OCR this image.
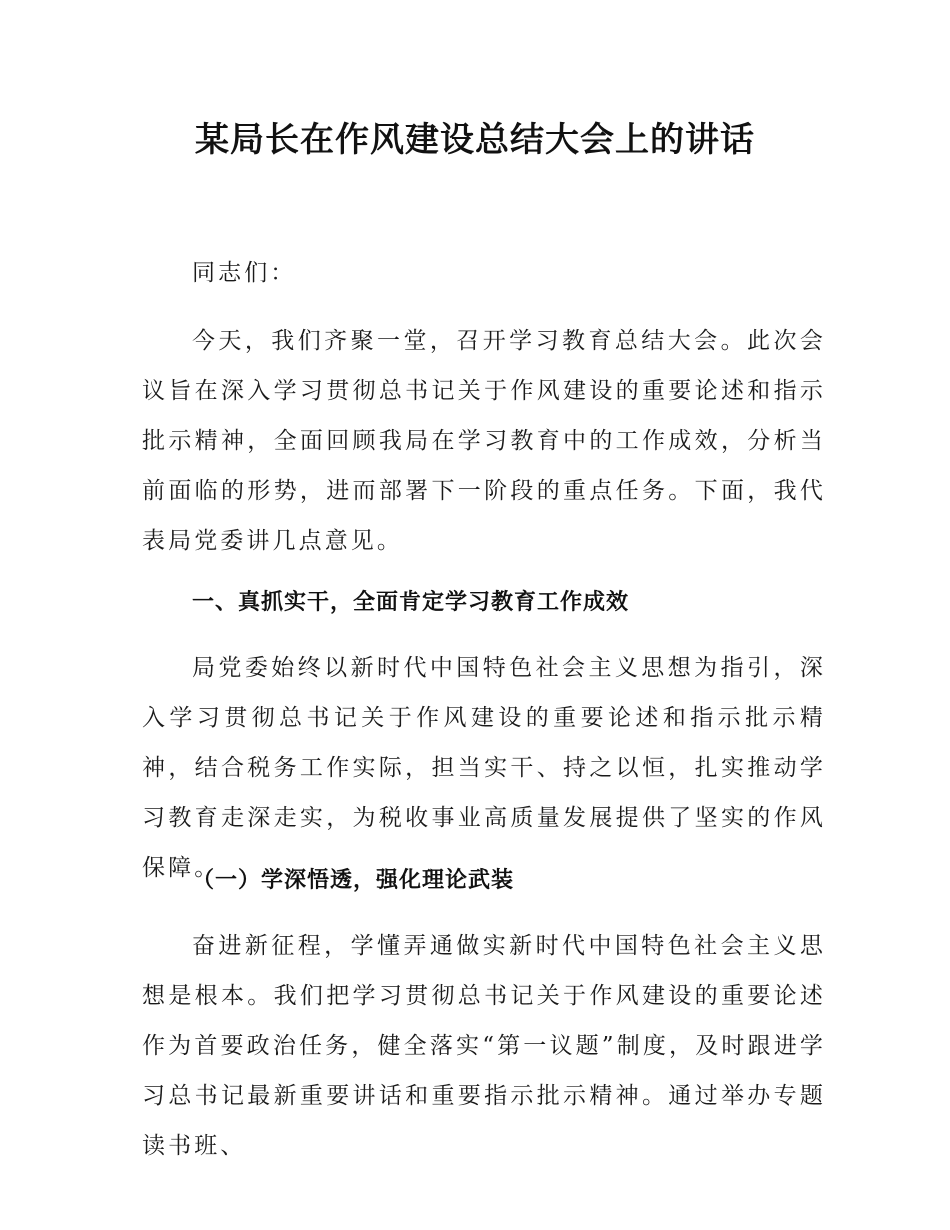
某局长在作风建设总结大会上的讲话

同志们：

今天，我们齐聚一堂，召开学习教育总结大会。此次会议旨在深入学习贯彻总书记关于作风建设的重要论述和指示批示精神，全面回顾我局在学习教育中的工作成效，分析当前面临的形势，进而部署下一阶段的重点任务。下面，我代表局党委讲几点意见。

一、真抓实干，全面肯定学习教育工作成效

局党委始终以新时代中国特色社会主义思想为指引，深入学习贯彻总书记关于作风建设的重要论述和指示批示精神，结合税务工作实际，担当实干、持之以恒，扎实推动学习教育走深走实，为税收事业高质量发展提供了坚实的作风保障。

（一）学深悟透，强化理论武装

奋进新征程，学懂弄通做实新时代中国特色社会主义思想是根本。我们把学习贯彻总书记关于作风建设的重要论述作为首要政治任务，健全落实“第一议题”制度，及时跟进学习总书记最新重要讲话和重要指示批示精神。通过举办专题读书班、
